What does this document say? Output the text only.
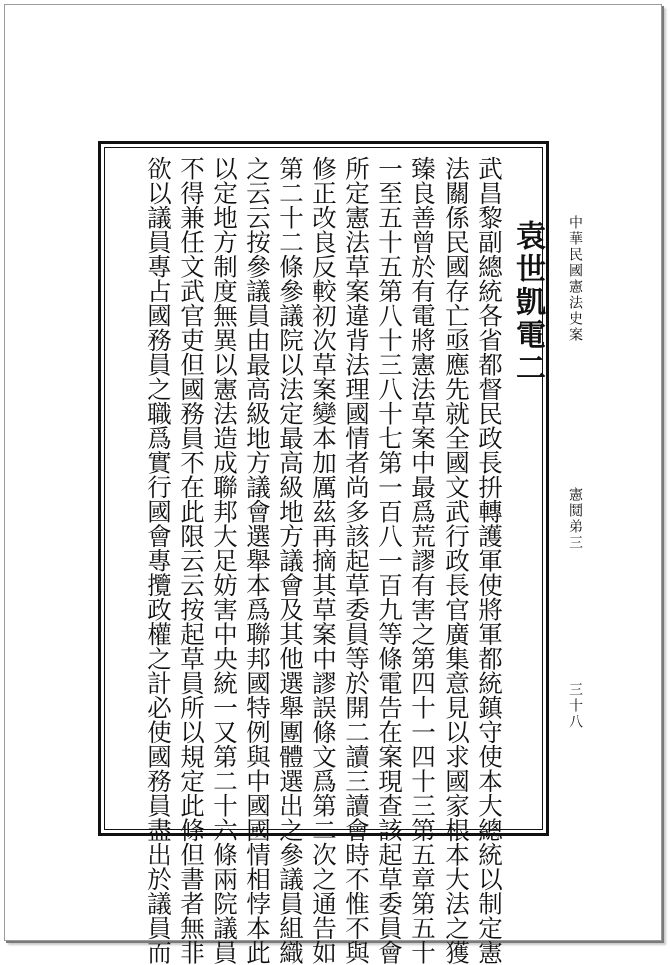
武昌黎副總統各省都督民政長抍轉護軍使將軍都統鎮守使本大總統以制定憲
法關係民國存亡亟應先就全國文武行政長官廣集意見以求國家根本大法之獲
臻良善曾於有電將憲法草案中最爲荒謬有害之第四十一四十三第五章第五十
一至五十五第八十三八十七第一百八一百九等條電告在案現查該起草委員會
所定憲法草案違背法理國情者尚多該起草委員等於開二讀三讀會時不惟不與
修正改良反較初次草案變本加厲茲再摘其草案中謬誤條文爲第二次之通告如
第二十二條參議院以法定最高級地方議會及其他選舉團體選出之參議員組織
之云云按參議員由最高級地方議會選舉本爲聯邦國特例與中國國情相悖本此
以定地方制度無異以憲法造成聯邦大足妨害中央統一又第二十六條兩院議員
不得兼任文武官吏但國務員不在此限云云按起草員所以規定此條但書者無非
欲以議員專占國務員之職爲實行國會專攬政權之計必使國務員盡出於議員而	袁世凱電二 中華民國憲法史案
憲鬩弟三
三十八
